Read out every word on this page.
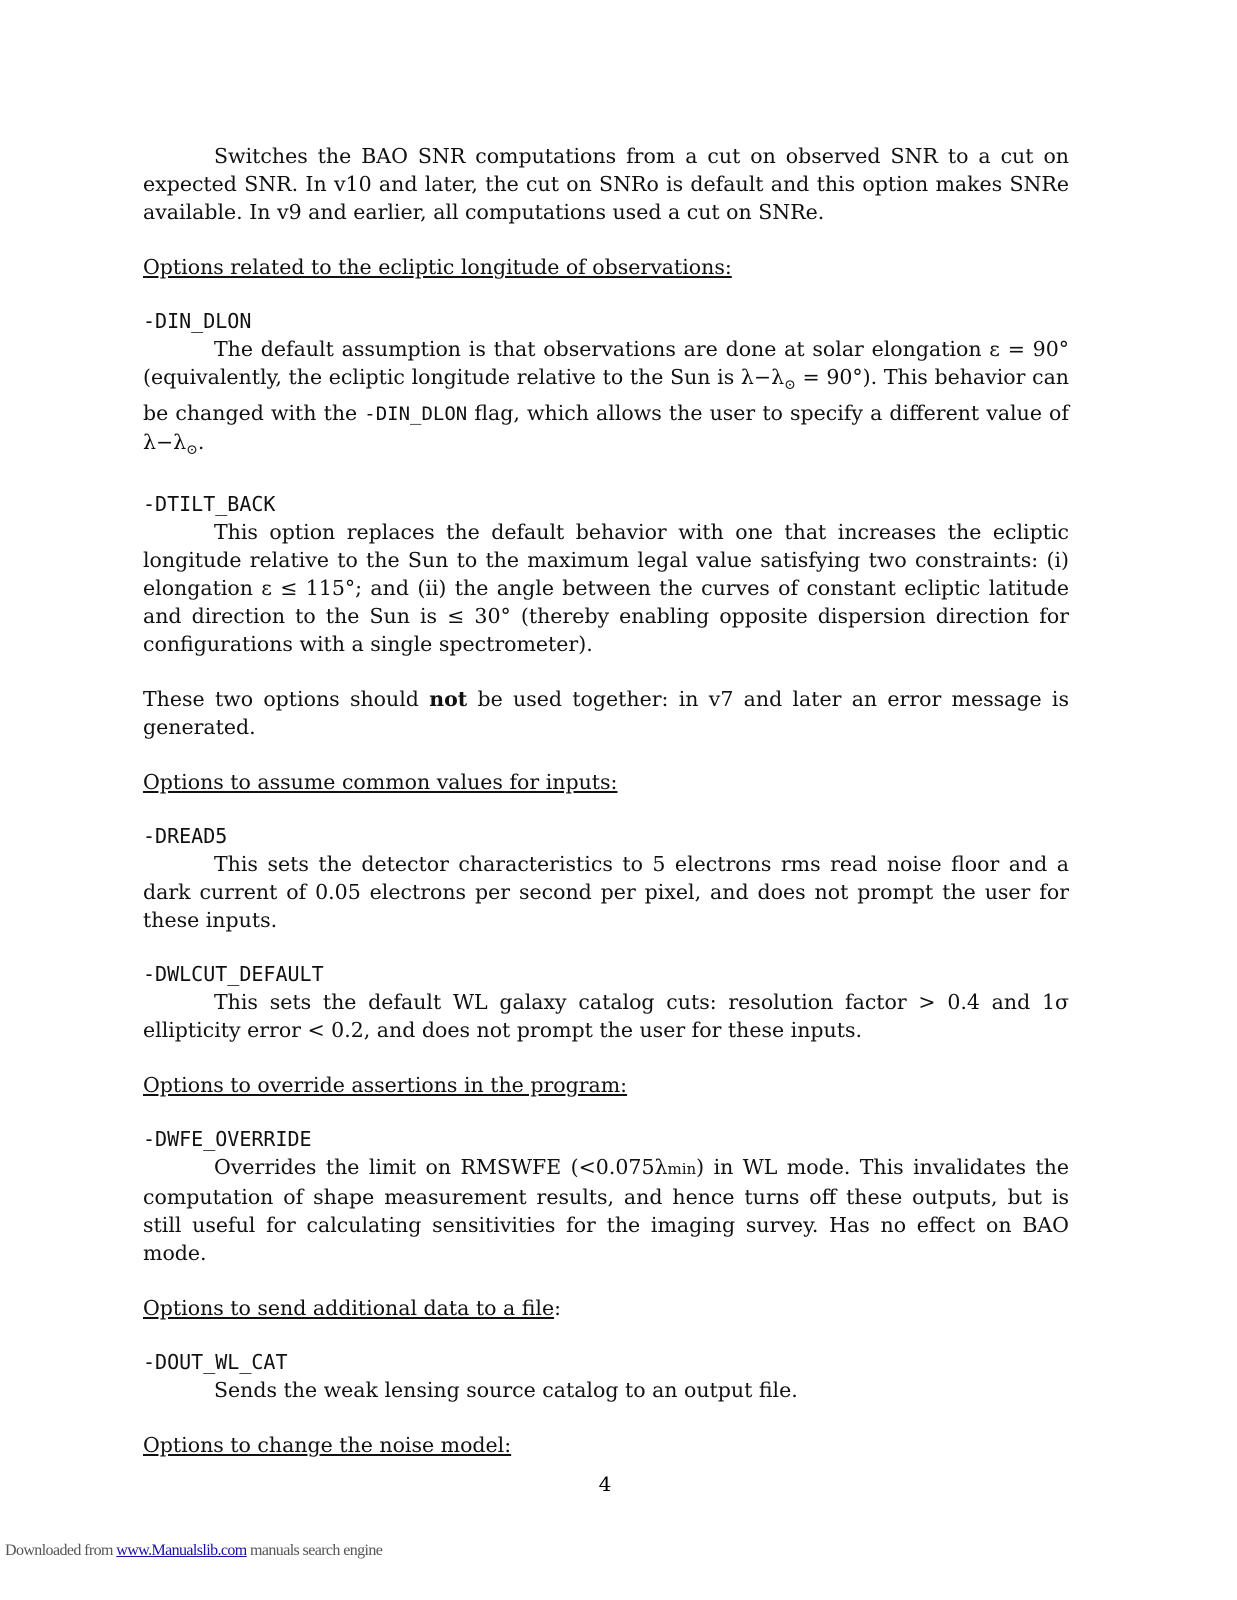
Switches the BAO SNR computations from a cut on observed SNR to a cut on expected SNR. In v10 and later, the cut on SNRo is default and this option makes SNRe available. In v9 and earlier, all computations used a cut on SNRe.

Options related to the ecliptic longitude of observations:

-DIN_DLON

The default assumption is that observations are done at solar elongation ε = 90° (equivalently, the ecliptic longitude relative to the Sun is $\lambda-\lambda_⊙ = 90^\circ$). This behavior can be changed with the -DIN_DLON flag, which allows the user to specify a different value of $\lambda-\lambda_⊙$.

-DTILT_BACK

This option replaces the default behavior with one that increases the ecliptic longitude relative to the Sun to the maximum legal value satisfying two constraints: (i) elongation ε ≤ 115°; and (ii) the angle between the curves of constant ecliptic latitude and direction to the Sun is ≤ 30° (thereby enabling opposite dispersion direction for configurations with a single spectrometer).

These two options should not be used together: in v7 and later an error message is generated.

Options to assume common values for inputs:

-DREAD5

This sets the detector characteristics to 5 electrons rms read noise floor and a dark current of 0.05 electrons per second per pixel, and does not prompt the user for these inputs.

-DWLCUT_DEFAULT

This sets the default WL galaxy catalog cuts: resolution factor > 0.4 and 1σ ellipticity error < 0.2, and does not prompt the user for these inputs.

Options to override assertions in the program:

-DWFE_OVERRIDE

Overrides the limit on RMSWFE (<0.075λmin) in WL mode. This invalidates the computation of shape measurement results, and hence turns off these outputs, but is still useful for calculating sensitivities for the imaging survey. Has no effect on BAO mode.

Options to send additional data to a file:

-DOUT_WL_CAT

Sends the weak lensing source catalog to an output file.

Options to change the noise model:

4
Downloaded from www.Manualslib.com manuals search engine
